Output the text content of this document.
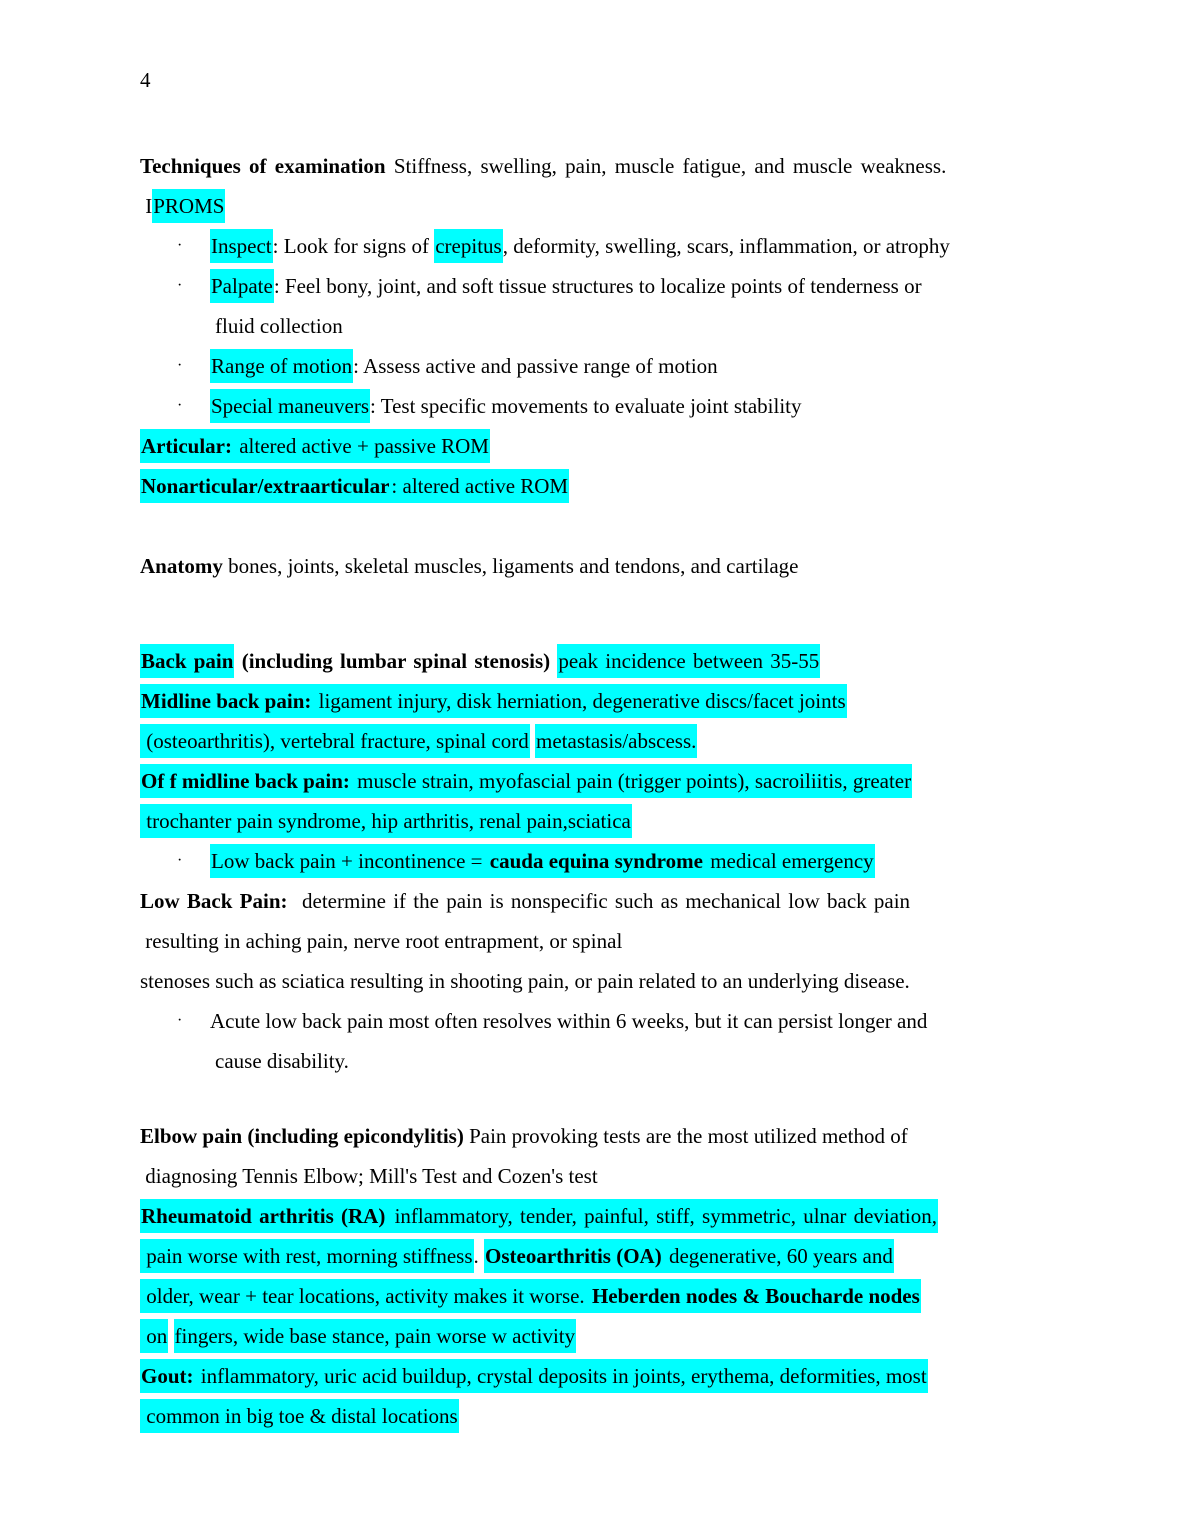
4
Techniques of examination Stiffness, swelling, pain, muscle fatigue, and muscle weakness.
IPROMS
· Inspect: Look for signs of crepitus, deformity, swelling, scars, inflammation, or atrophy
· Palpate: Feel bony, joint, and soft tissue structures to localize points of tenderness or
fluid collection
· Range of motion: Assess active and passive range of motion
· Special maneuvers: Test specific movements to evaluate joint stability
Articular: altered active + passive ROM
Nonarticular/extraarticular: altered active ROM
Anatomy bones, joints, skeletal muscles, ligaments and tendons, and cartilage
Back pain (including lumbar spinal stenosis) peak incidence between 35-55
Midline back pain: ligament injury, disk herniation, degenerative discs/facet joints
(osteoarthritis), vertebral fracture, spinal cord metastasis/abscess.
Of f midline back pain: muscle strain, myofascial pain (trigger points), sacroiliitis, greater
trochanter pain syndrome, hip arthritis, renal pain,sciatica
· Low back pain + incontinence = cauda equina syndrome medical emergency
Low Back Pain:  determine if the pain is nonspecific such as mechanical low back pain
resulting in aching pain, nerve root entrapment, or spinal
stenoses such as sciatica resulting in shooting pain, or pain related to an underlying disease.
· Acute low back pain most often resolves within 6 weeks, but it can persist longer and
cause disability.
Elbow pain (including epicondylitis) Pain provoking tests are the most utilized method of
diagnosing Tennis Elbow; Mill's Test and Cozen's test
Rheumatoid arthritis (RA) inflammatory, tender, painful, stiff, symmetric, ulnar deviation,
pain worse with rest, morning stiffness. Osteoarthritis (OA) degenerative, 60 years and
older, wear + tear locations, activity makes it worse. Heberden nodes & Boucharde nodes
on fingers, wide base stance, pain worse w activity
Gout: inflammatory, uric acid buildup, crystal deposits in joints, erythema, deformities, most
common in big toe & distal locations
